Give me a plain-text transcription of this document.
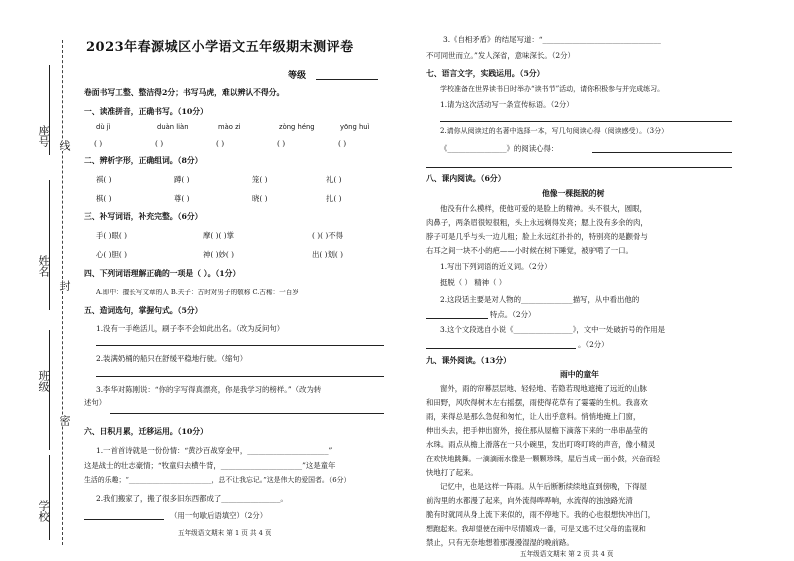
座号 线
姓名
封
班级
密
学校
2023年春源城区小学语文五年级期末测评卷
等级
卷面书写工整、整洁得2分；书写马虎，难以辨认不得分。
一、读准拼音，正确书写。（10分）
dù jì	duàn liàn	mào zi	zòng héng	yōng huì
( )	( )	( )	( )	( )
二、辨析字形，正确组词。（8分）
祺( )	蹲( )	笼( )	礼( )
棋( )	尊( )	晓( )	扎( )
三、补写词语，补充完整。（6分）
手( )眼( )	摩( )( )掌	( )( )不得
心( )胆( )	神( )妙( )	出( )划( )
四、下列词语理解正确的一项是（ ）。（1分）
A.即中：擅长写文章的人 B.夫子：古时对男子的敬称 C.古稀：一百岁
五、造词选句，掌握句式。（5分）
1.没有一手绝活儿，刷子李不会如此出名。（改为反问句）
2.装满奶桶的船只在舒缓平稳地行驶。（缩句）
3.李华对陈刚说：“你的字写得真漂亮，你是我学习的榜样。”（改为转
述句）
六、日积月累，迁移运用。（10分）
1.一首首诗就是一份份情：“黄沙百战穿金甲，______________________”
这是战士的壮志豪情；“牧童归去横牛背，______________________”这是童年
生活的乐趣；“________________________，总不让我忘记。”这是伟大的爱国者。（6分）
2.我们搬家了，搬了很多旧东西都成了________________。
（用一句歇后语填空）（2分）
五年级语文期末 第 1 页 共 4 页
3.《自相矛盾》的结尾写道：“________________________________
不可同世而立。”发人深省，意味深长。（2分）
七、语言文字，实践运用。（5分）
学校准备在世界读书日时举办“读书节”活动，请你积极参与并完成练习。
1.请为这次活动写一条宣传标语。（2分）
2.请你从阅读过的名著中选择一本，写几句阅读心得（阅读感受）。（3分）
《________________》的阅读心得：
八、课内阅读。（6分）
他像一棵挺脱的树
他没有什么模样，使他可爱的是脸上的精神。头不很大，圆眼，
肉鼻子，两条眉很短很粗，头上永远剃得发亮；腮上没有多余的肉，
脖子可是几乎与头一边儿粗；脸上永远红扑扑的，特别亮的是颧骨与
右耳之间一块不小的疤——小时候在树下睡觉，被驴啃了一口。
1.写出下列词语的近义词。（2分）
挺脱（ ） 精神（ ）
2.这段话主要是对人物的______________描写，从中看出他的
特点。（2分）
3.这个文段选自小说《________________》，文中一处破折号的作用是
。（2分）
九、课外阅读。（13分）
雨中的童年
窗外，雨的帘幕层层地、轻轻地、若隐若现地遮掩了远近的山脉
和田野，风吹得树木左右摇摆，雨使得花草有了霎霎的生机。我喜欢
雨，来得总是那么急促和匆忙，让人出乎意料。悄悄地掩上门窗，
伸出头去，把手伸出窗外，接住那从屋檐下滴落下来的一串串晶莹的
水珠。雨点从檐上滑落在一只小碗里，发出叮咚叮咚的声音，像小精灵
在欢快地跳舞。一滴滴雨水像是一颗颗珍珠，屋后当成一面小鼓，兴奋而轻
快地打了起来。
记忆中，也是这样一阵雨。从午后断断续续地直到傍晚，下得屋
前沟里的水都漫了起来，向外流得哗哗响，水流得的浊浊路光清
脆有时就同从身上流下来似的，雨不停地下。我的心也很想快冲出门，
想跑起来。我却望使在雨中尽情嬉戏一番，可是又逃不过父母的监视和
禁止，只有无奈地想着那漫漫湿湿的晚前路。
五年级语文期末 第 2 页 共 4 页
